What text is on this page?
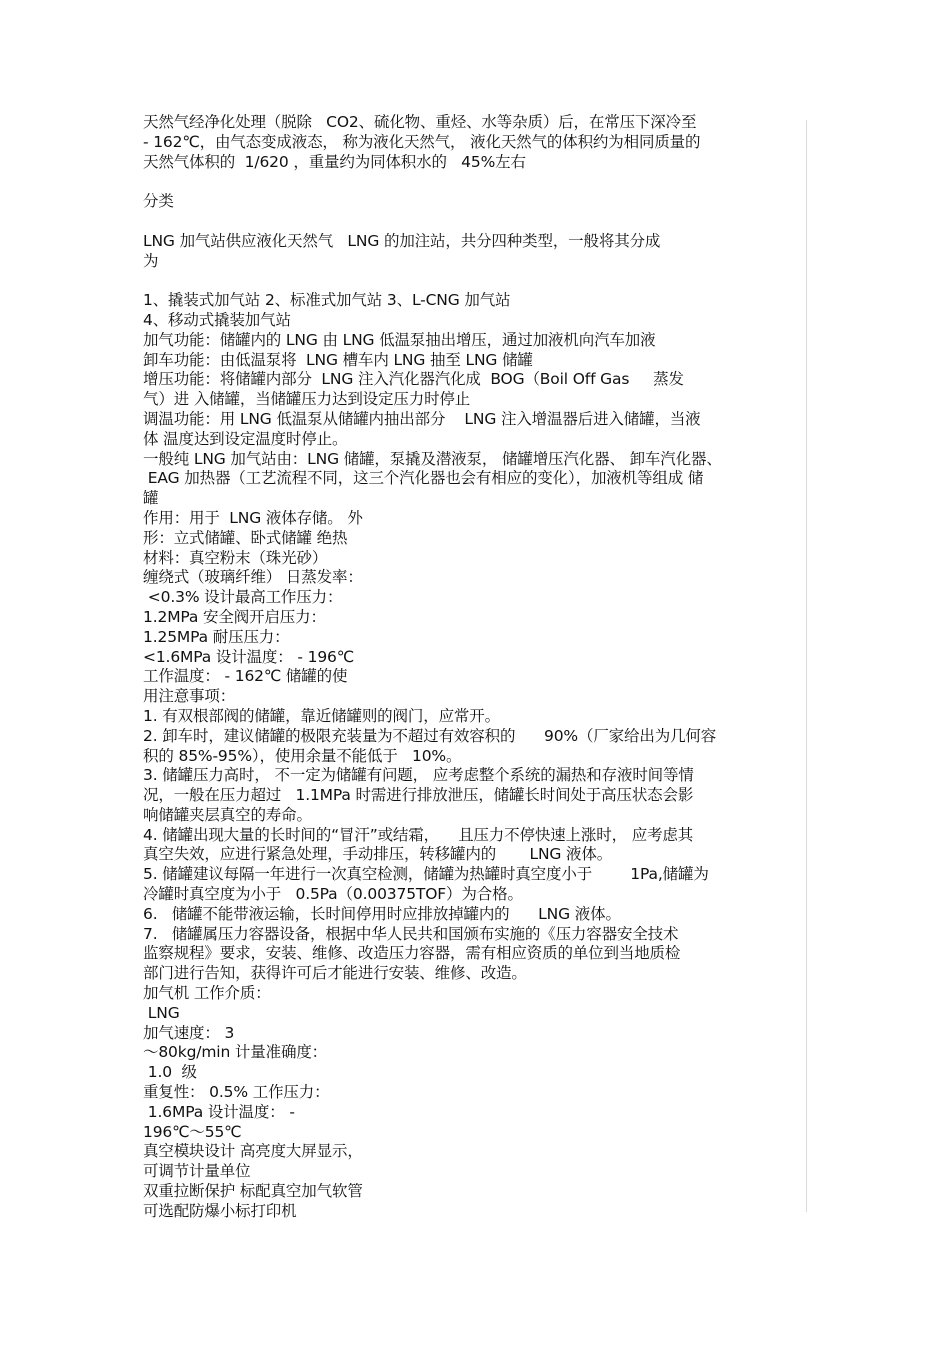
天然气经净化处理（脱除   CO2、硫化物、重烃、水等杂质）后，在常压下深冷至

- 162℃，由气态变成液态， 称为液化天然气， 液化天然气的体积约为相同质量的

天然气体积的  1/620 ，重量约为同体积水的   45%左右

分类

LNG 加气站供应液化天然气   LNG 的加注站，共分四种类型，一般将其分成

为

1、撬装式加气站 2、标准式加气站 3、L-CNG 加气站

4、移动式撬装加气站

加气功能：储罐内的 LNG 由 LNG 低温泵抽出增压，通过加液机向汽车加液

卸车功能：由低温泵将  LNG 槽车内 LNG 抽至 LNG 储罐

增压功能：将储罐内部分  LNG 注入汽化器汽化成  BOG（Boil Off Gas     蒸发

气）进 入储罐，当储罐压力达到设定压力时停止

调温功能：用 LNG 低温泵从储罐内抽出部分    LNG 注入增温器后进入储罐，当液

体 温度达到设定温度时停止。

一般纯 LNG 加气站由：LNG 储罐，泵撬及潜液泵， 储罐增压汽化器、 卸车汽化器、

EAG 加热器（工艺流程不同，这三个汽化器也会有相应的变化），加液机等组成 储

罐

作用：用于  LNG 液体存储。 外

形：立式储罐、卧式储罐 绝热

材料：真空粉末（珠光砂）

缠绕式（玻璃纤维） 日蒸发率：

<0.3% 设计最高工作压力：

1.2MPa 安全阀开启压力：

1.25MPa 耐压压力：

<1.6MPa 设计温度： - 196℃

工作温度： - 162℃ 储罐的使

用注意事项：

1. 有双根部阀的储罐，靠近储罐则的阀门，应常开。

2. 卸车时，建议储罐的极限充装量为不超过有效容积的      90%（厂家给出为几何容

积的 85%-95%），使用余量不能低于   10%。

3. 储罐压力高时， 不一定为储罐有问题， 应考虑整个系统的漏热和存液时间等情

况，一般在压力超过   1.1MPa 时需进行排放泄压，储罐长时间处于高压状态会影

响储罐夹层真空的寿命。

4. 储罐出现大量的长时间的“冒汗”或结霜，    且压力不停快速上涨时， 应考虑其

真空失效，应进行紧急处理，手动排压，转移罐内的       LNG 液体。

5. 储罐建议每隔一年进行一次真空检测，储罐为热罐时真空度小于        1Pa,储罐为

冷罐时真空度为小于   0.5Pa（0.00375TOF）为合格。

6.   储罐不能带液运输，长时间停用时应排放掉罐内的      LNG 液体。

7.   储罐属压力容器设备，根据中华人民共和国颁布实施的《压力容器安全技术

监察规程》要求，安装、维修、改造压力容器，需有相应资质的单位到当地质检

部门进行告知，获得许可后才能进行安装、维修、改造。

加气机 工作介质：

LNG

加气速度： 3

～80kg/min 计量准确度：

1.0  级

重复性： 0.5% 工作压力：

1.6MPa 设计温度： -

196℃～55℃

真空模块设计 高亮度大屏显示，

可调节计量单位

双重拉断保护 标配真空加气软管

可选配防爆小标打印机
